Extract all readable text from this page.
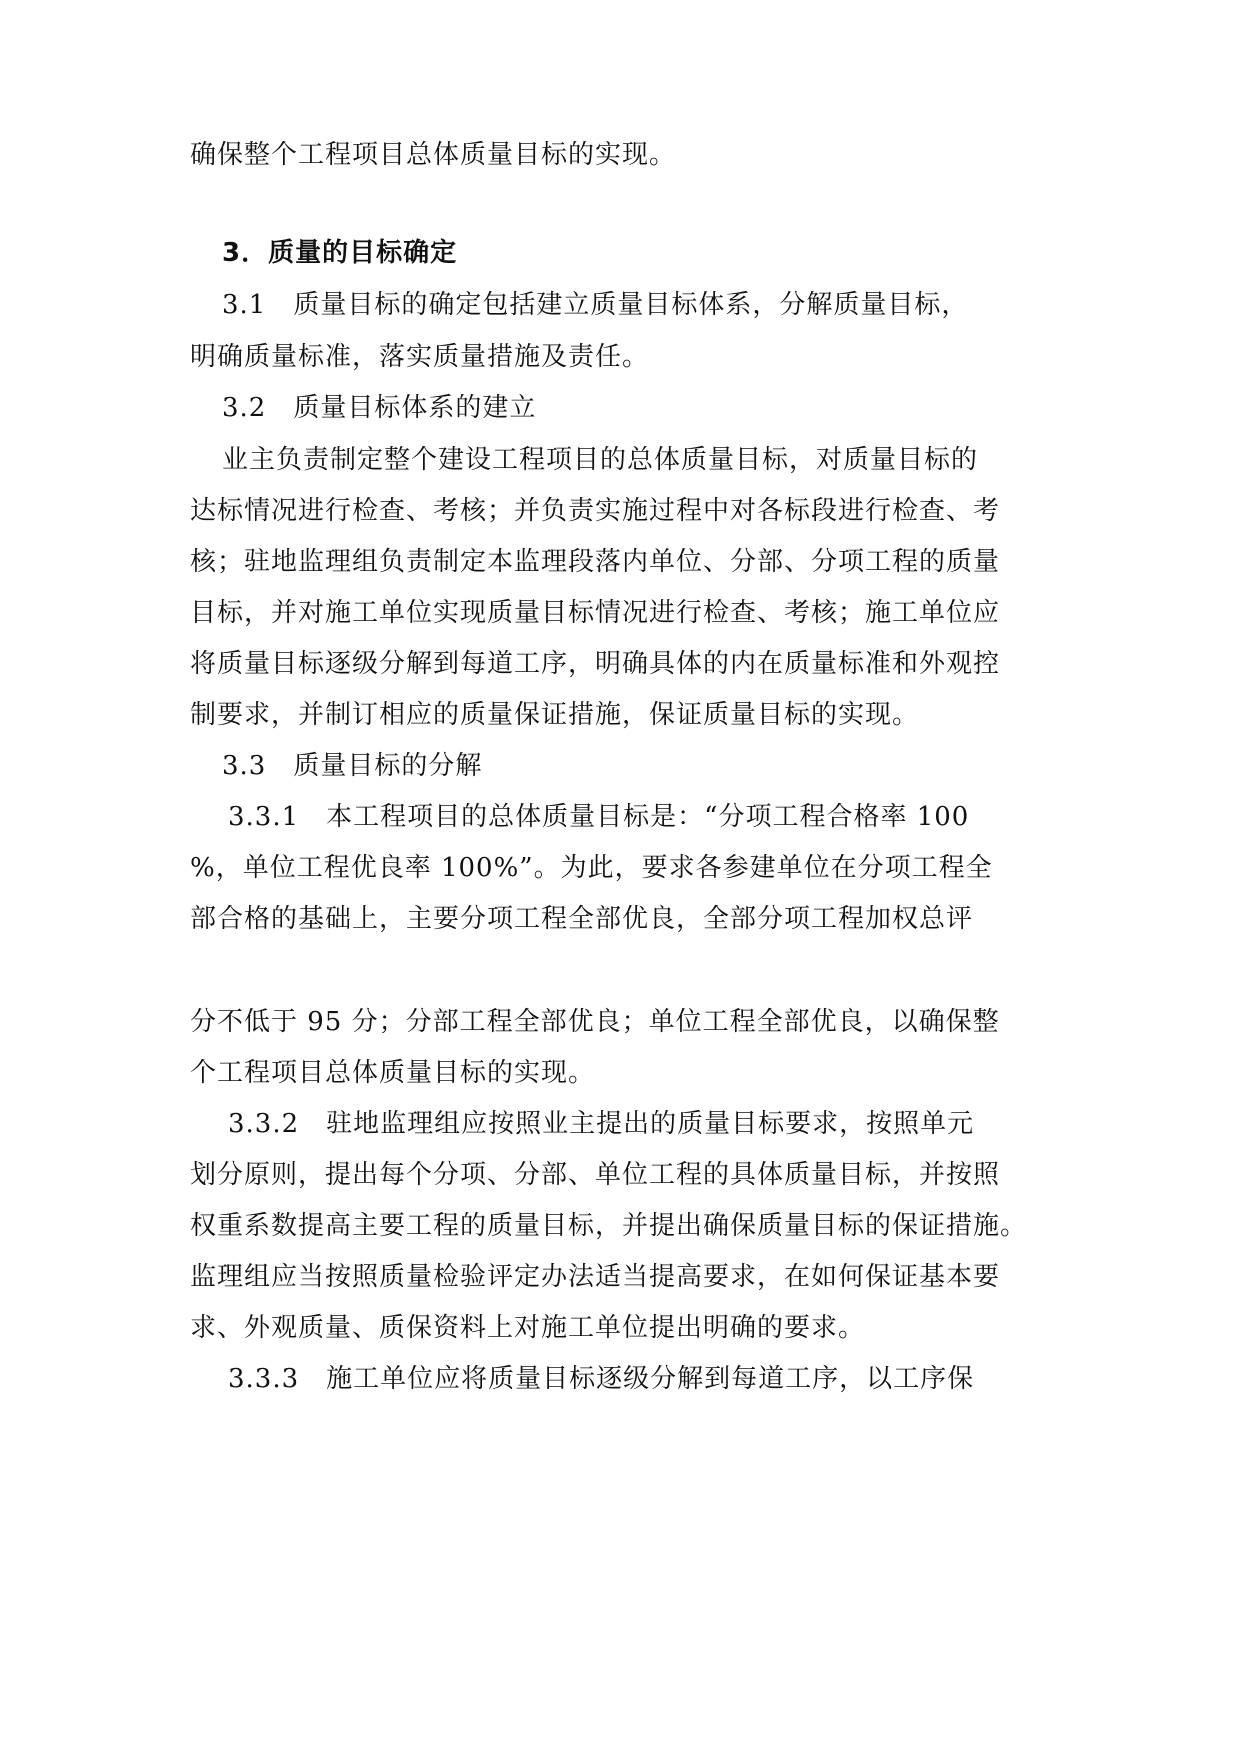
确保整个工程项目总体质量目标的实现。
3．质量的目标确定
3.1　质量目标的确定包括建立质量目标体系，分解质量目标，
明确质量标准，落实质量措施及责任。
3.2　质量目标体系的建立
业主负责制定整个建设工程项目的总体质量目标，对质量目标的
达标情况进行检查、考核；并负责实施过程中对各标段进行检查、考
核；驻地监理组负责制定本监理段落内单位、分部、分项工程的质量
目标，并对施工单位实现质量目标情况进行检查、考核；施工单位应
将质量目标逐级分解到每道工序，明确具体的内在质量标准和外观控
制要求，并制订相应的质量保证措施，保证质量目标的实现。
3.3　质量目标的分解
3.3.1　本工程项目的总体质量目标是：“分项工程合格率 100
%，单位工程优良率 100%”。为此，要求各参建单位在分项工程全
部合格的基础上，主要分项工程全部优良，全部分项工程加权总评
分不低于 95 分；分部工程全部优良；单位工程全部优良，以确保整
个工程项目总体质量目标的实现。
3.3.2　驻地监理组应按照业主提出的质量目标要求，按照单元
划分原则，提出每个分项、分部、单位工程的具体质量目标，并按照
权重系数提高主要工程的质量目标，并提出确保质量目标的保证措施。
监理组应当按照质量检验评定办法适当提高要求，在如何保证基本要
求、外观质量、质保资料上对施工单位提出明确的要求。
3.3.3　施工单位应将质量目标逐级分解到每道工序，以工序保
